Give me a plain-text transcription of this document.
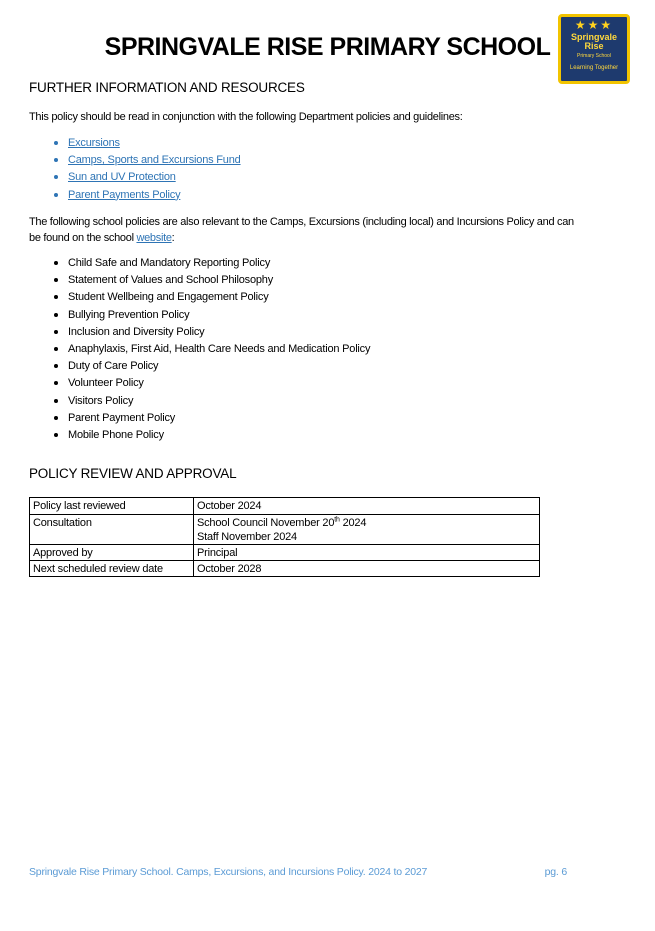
SPRINGVALE RISE PRIMARY SCHOOL
★★★
Springvale
Rise
Primary School
Learning Together
FURTHER INFORMATION AND RESOURCES

This policy should be read in conjunction with the following Department policies and guidelines:

Excursions
Camps, Sports and Excursions Fund
Sun and UV Protection
Parent Payments Policy

The following school policies are also relevant to the Camps, Excursions (including local) and Incursions Policy and can
be found on the school website:

Child Safe and Mandatory Reporting Policy
Statement of Values and School Philosophy
Student Wellbeing and Engagement Policy
Bullying Prevention Policy
Inclusion and Diversity Policy
Anaphylaxis, First Aid, Health Care Needs and Medication Policy
Duty of Care Policy
Volunteer Policy
Visitors Policy
Parent Payment Policy
Mobile Phone Policy
POLICY REVIEW AND APPROVAL
Policy last reviewed	October 2024
Consultation	School Council November 20th 2024
Staff November 2024

Approved by	Principal
Next scheduled review date	October 2028
Springvale Rise Primary School. Camps, Excursions, and Incursions Policy. 2024 to 2027	pg. 6
